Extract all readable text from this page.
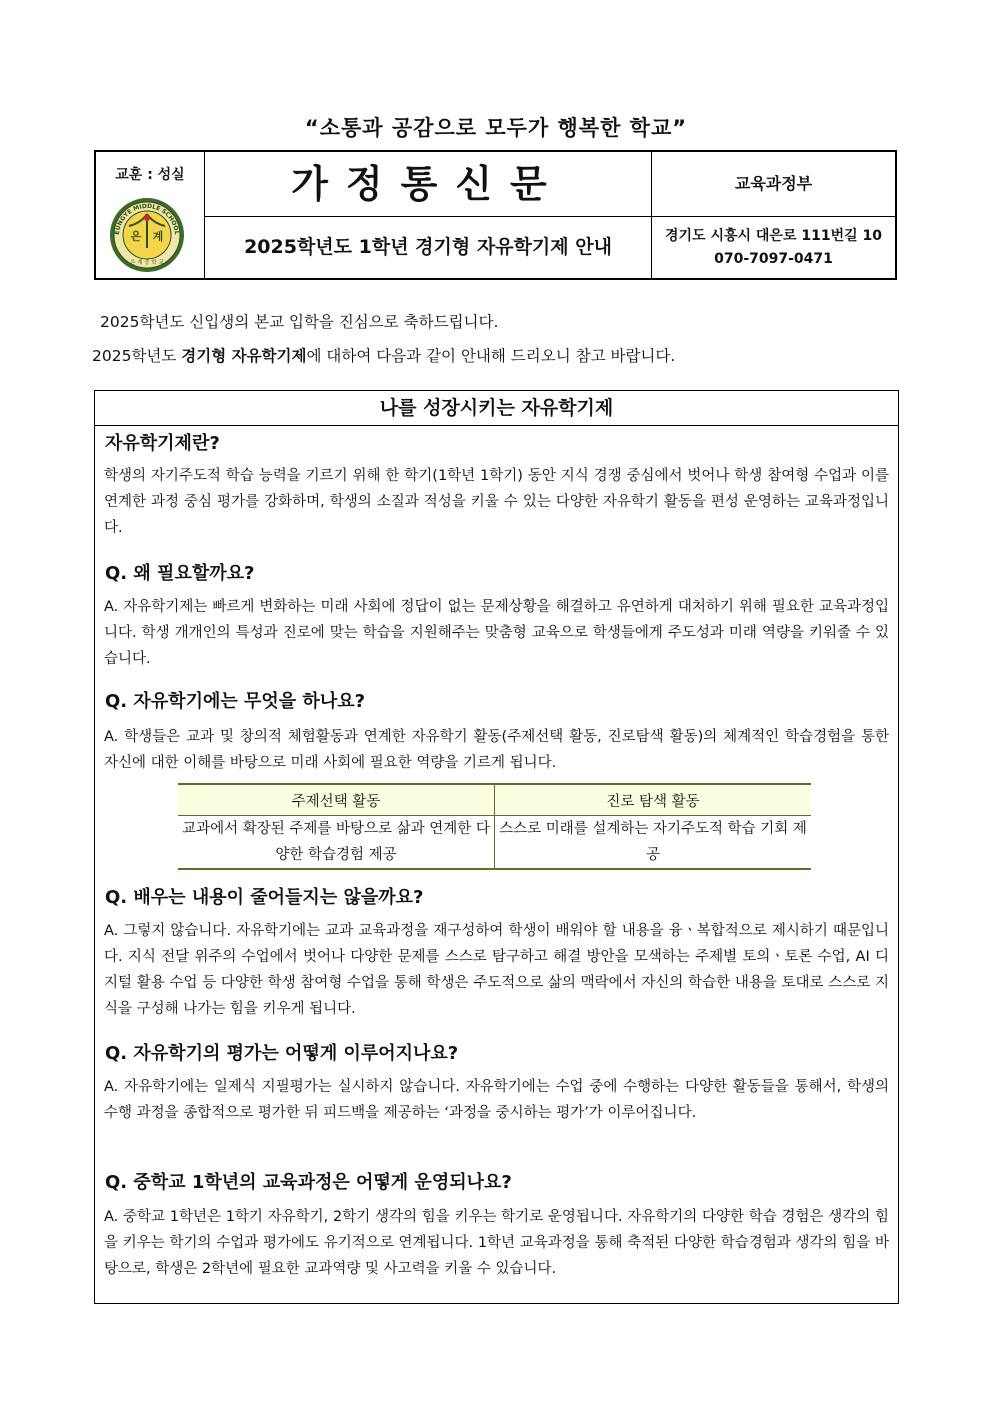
“소통과 공감으로 모두가 행복한 학교”
교훈 : 성실
EUNGYE MIDDLE SCHOOL
은 계
은 계 중 학 교
가정통신문	교육과정부
2025학년도 1학년 경기형 자유학기제 안내	경기도 시흥시 대은로 111번길 10
070-7097-0471
2025학년도 신입생의 본교 입학을 진심으로 축하드립니다.
2025학년도 경기형 자유학기제에 대하여 다음과 같이 안내해 드리오니 참고 바랍니다.
나를 성장시키는 자유학기제
자유학기제란?
학생의 자기주도적 학습 능력을 기르기 위해 한 학기(1학년 1학기) 동안 지식 경쟁 중심에서 벗어나 학생 참여형 수업과 이를 연계한 과정 중심 평가를 강화하며, 학생의 소질과 적성을 키울 수 있는 다양한 자유학기 활동을 편성 운영하는 교육과정입니다.
Q. 왜 필요할까요?
A. 자유학기제는 빠르게 변화하는 미래 사회에 정답이 없는 문제상황을 해결하고 유연하게 대처하기 위해 필요한 교육과정입니다. 학생 개개인의 특성과 진로에 맞는 학습을 지원해주는 맞춤형 교육으로 학생들에게 주도성과 미래 역량을 키워줄 수 있습니다.
Q. 자유학기에는 무엇을 하나요?
A. 학생들은 교과 및 창의적 체험활동과 연계한 자유학기 활동(주제선택 활동, 진로탐색 활동)의 체계적인 학습경험을 통한 자신에 대한 이해를 바탕으로 미래 사회에 필요한 역량을 기르게 됩니다.
주제선택 활동	진로 탐색 활동
교과에서 확장된 주제를 바탕으로 삶과 연계한 다양한 학습경험 제공	스스로 미래를 설계하는 자기주도적 학습 기회 제공
Q. 배우는 내용이 줄어들지는 않을까요?
A. 그렇지 않습니다. 자유학기에는 교과 교육과정을 재구성하여 학생이 배워야 할 내용을 융ㆍ복합적으로 제시하기 때문입니다. 지식 전달 위주의 수업에서 벗어나 다양한 문제를 스스로 탐구하고 해결 방안을 모색하는 주제별 토의ㆍ토론 수업, AI 디지털 활용 수업 등 다양한 학생 참여형 수업을 통해 학생은 주도적으로 삶의 맥락에서 자신의 학습한 내용을 토대로 스스로 지식을 구성해 나가는 힘을 키우게 됩니다.
Q. 자유학기의 평가는 어떻게 이루어지나요?
A. 자유학기에는 일제식 지필평가는 실시하지 않습니다. 자유학기에는 수업 중에 수행하는 다양한 활동들을 통해서, 학생의 수행 과정을 종합적으로 평가한 뒤 피드백을 제공하는 ‘과정을 중시하는 평가’가 이루어집니다.
Q. 중학교 1학년의 교육과정은 어떻게 운영되나요?
A. 중학교 1학년은 1학기 자유학기, 2학기 생각의 힘을 키우는 학기로 운영됩니다. 자유학기의 다양한 학습 경험은 생각의 힘을 키우는 학기의 수업과 평가에도 유기적으로 연계됩니다. 1학년 교육과정을 통해 축적된 다양한 학습경험과 생각의 힘을 바탕으로, 학생은 2학년에 필요한 교과역량 및 사고력을 키울 수 있습니다.
